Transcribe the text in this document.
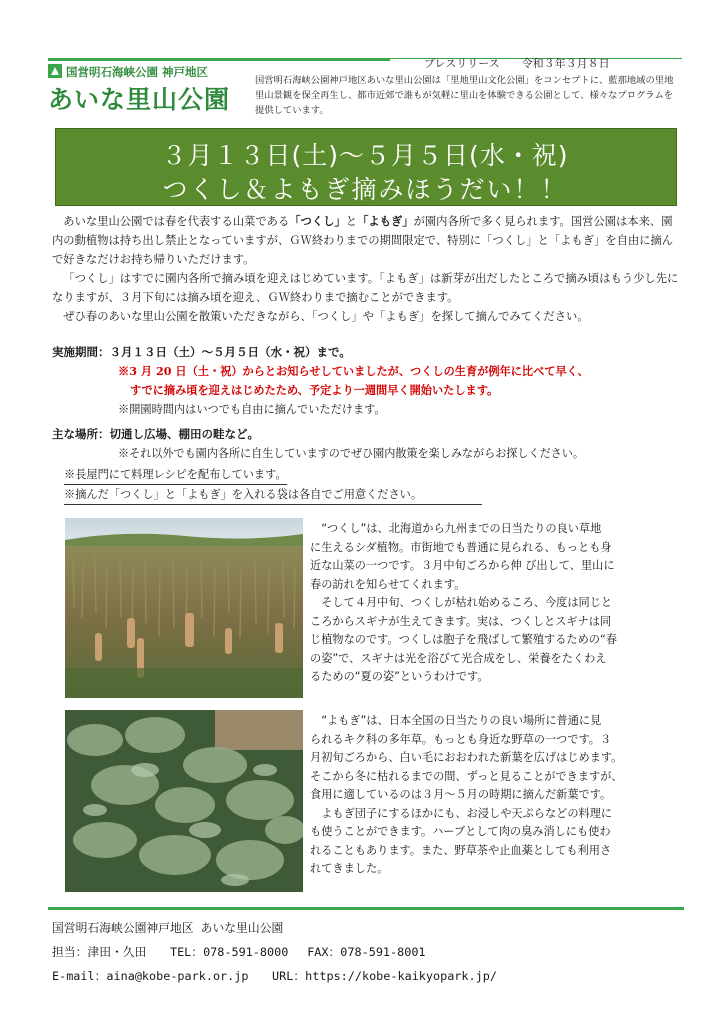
国営明石海峡公園 神戸地区
あいな里山公園
プレスリリース　　令和３年３月８日
国営明石海峡公園神戸地区あいな里山公園は「里地里山文化公園」をコンセプトに、藍那地域の里地里山景観を保全再生し、都市近郊で誰もが気軽に里山を体験できる公園として、様々なプログラムを提供しています。
３月１３日(土)～５月５日(水・祝)
つくし＆よもぎ摘みほうだい！！
あいな里山公園では春を代表する山菜である「つくし」と「よもぎ」が園内各所で多く見られます。国営公園は本来、園内の動植物は持ち出し禁止となっていますが、ＧＷ終わりまでの期間限定で、特別に「つくし」と「よもぎ」を自由に摘んで好きなだけお持ち帰りいただけます。
「つくし」はすでに園内各所で摘み頃を迎えはじめています。「よもぎ」は新芽が出だしたところで摘み頃はもう少し先になりますが、３月下旬には摘み頃を迎え、ＧＷ終わりまで摘むことができます。
ぜひ春のあいな里山公園を散策いただきながら、「つくし」や「よもぎ」を探して摘んでみてください。
実施期間：３月１３日（土）～５月５日（水・祝）まで。
※3 月 20 日（土・祝）からとお知らせしていましたが、つくしの生育が例年に比べて早く、
すでに摘み頃を迎えはじめたため、予定より一週間早く開始いたします。
※開園時間内はいつでも自由に摘んでいただけます。
主な場所：切通し広場、棚田の畦など。
※それ以外でも園内各所に自生していますのでぜひ園内散策を楽しみながらお探しください。
※長屋門にて料理レシピを配布しています。
※摘んだ「つくし」と「よもぎ」を入れる袋は各自でご用意ください。
“つくし”は、北海道から九州までの日当たりの良い草地
に生えるシダ植物。市街地でも普通に見られる、もっとも身
近な山菜の一つです。３月中旬ごろから伸 び出して、里山に
春の訪れを知らせてくれます。
そして４月中旬、つくしが枯れ始めるころ、今度は同じと
ころからスギナが生えてきます。実は、つくしとスギナは同
じ植物なのです。つくしは胞子を飛ばして繁殖するための“春
の姿”で、スギナは光を浴びて光合成をし、栄養をたくわえ
るための“夏の姿”というわけです。
“よもぎ”は、日本全国の日当たりの良い場所に普通に見
られるキク科の多年草。もっとも身近な野草の一つです。３
月初旬ごろから、白い毛におおわれた新葉を広げはじめます。
そこから冬に枯れるまでの間、ずっと見ることができますが、
食用に適しているのは３月～５月の時期に摘んだ新葉です。
よもぎ団子にするほかにも、お浸しや天ぷらなどの料理に
も使うことができます。ハーブとして肉の臭み消しにも使わ
れることもあります。また、野草茶や止血薬としても利用さ
れてきました。
国営明石海峡公園神戸地区 あいな里山公園
担当：津田・久田　　TEL：078-591-8000　 FAX：078-591-8001
E-mail：aina@kobe-park.or.jp　　URL：https://kobe-kaikyopark.jp/
